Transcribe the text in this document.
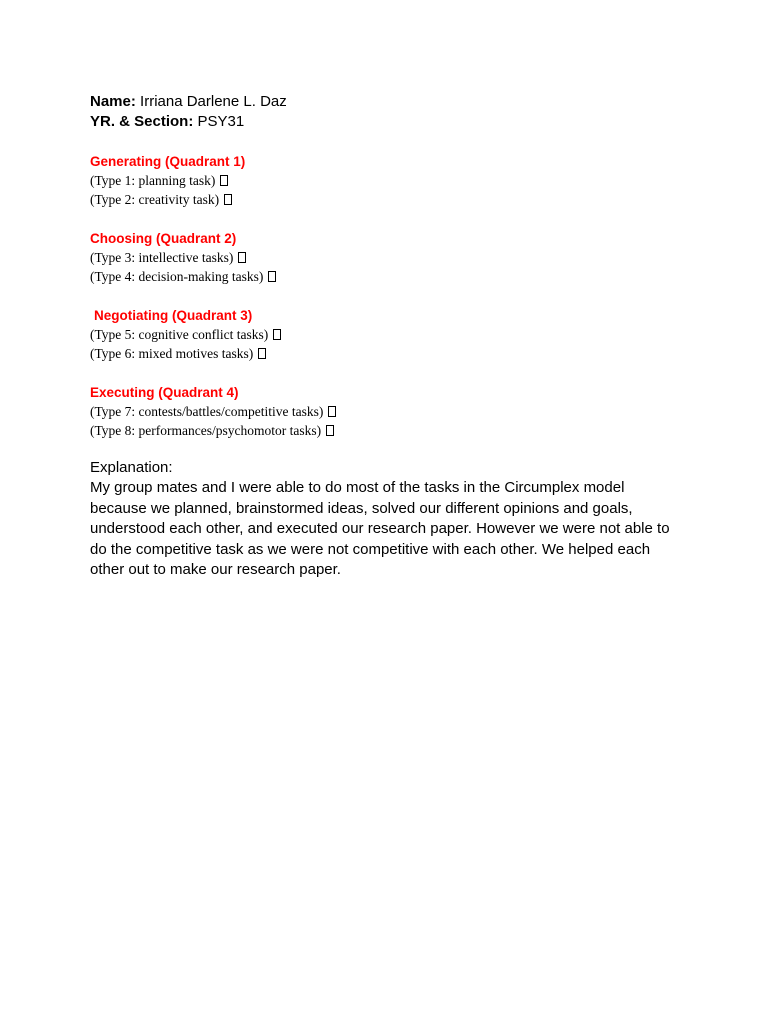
Name: Irriana Darlene L. Daz
YR. & Section: PSY31
Generating (Quadrant 1)
(Type 1: planning task)
(Type 2: creativity task)
Choosing (Quadrant 2)
(Type 3: intellective tasks)
(Type 4: decision-making tasks)
Negotiating (Quadrant 3)
(Type 5: cognitive conflict tasks)
(Type 6: mixed motives tasks)
Executing (Quadrant 4)
(Type 7: contests/battles/competitive tasks)
(Type 8: performances/psychomotor tasks)
Explanation:
My group mates and I were able to do most of the tasks in the Circumplex model because we planned, brainstormed ideas, solved our different opinions and goals, understood each other, and executed our research paper. However we were not able to do the competitive task as we were not competitive with each other. We helped each other out to make our research paper.
